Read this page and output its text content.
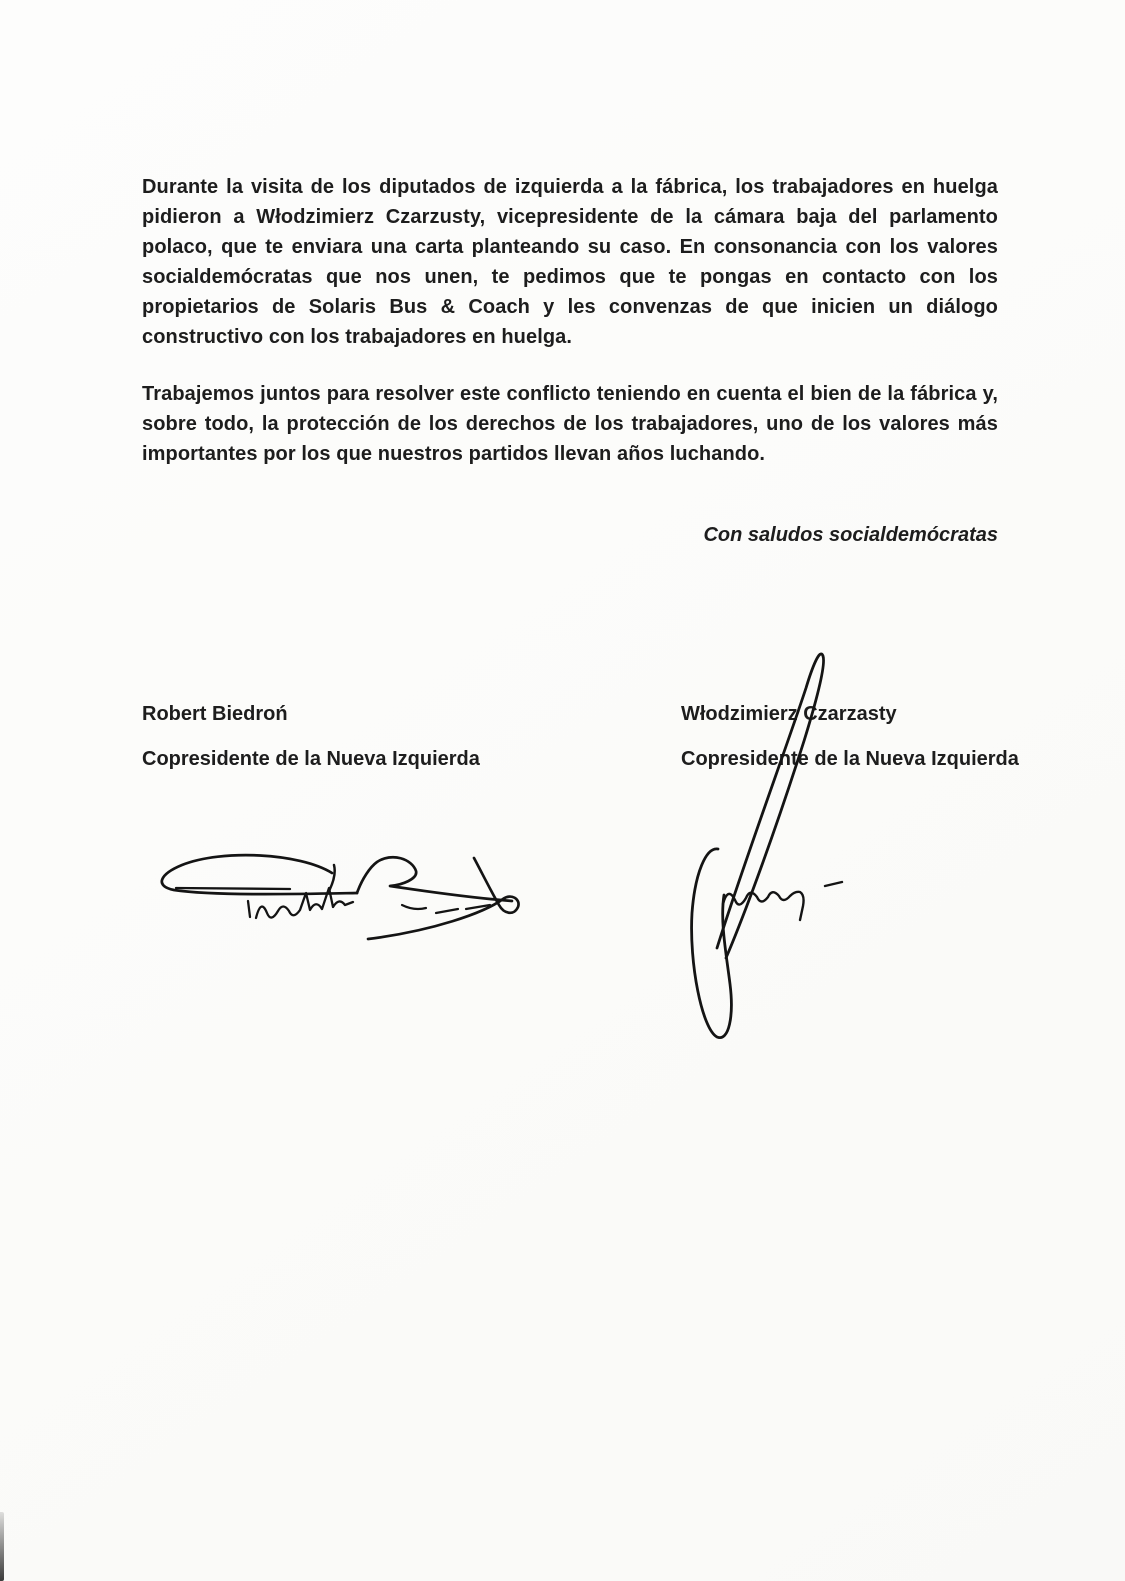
Durante la visita de los diputados de izquierda a la fábrica, los trabajadores en huelga pidieron a Włodzimierz Czarzusty, vicepresidente de la cámara baja del parlamento polaco, que te enviara una carta planteando su caso. En consonancia con los valores socialdemócratas que nos unen, te pedimos que te pongas en contacto con los propietarios de Solaris Bus & Coach y les convenzas de que inicien un diálogo constructivo con los trabajadores en huelga.

Trabajemos juntos para resolver este conflicto teniendo en cuenta el bien de la fábrica y, sobre todo, la protección de los derechos de los trabajadores, uno de los valores más importantes por los que nuestros partidos llevan años luchando.

Con saludos socialdemócratas

Robert Biedroń

Copresidente de la Nueva Izquierda

Włodzimierz Czarzasty

Copresidente de la Nueva Izquierda
